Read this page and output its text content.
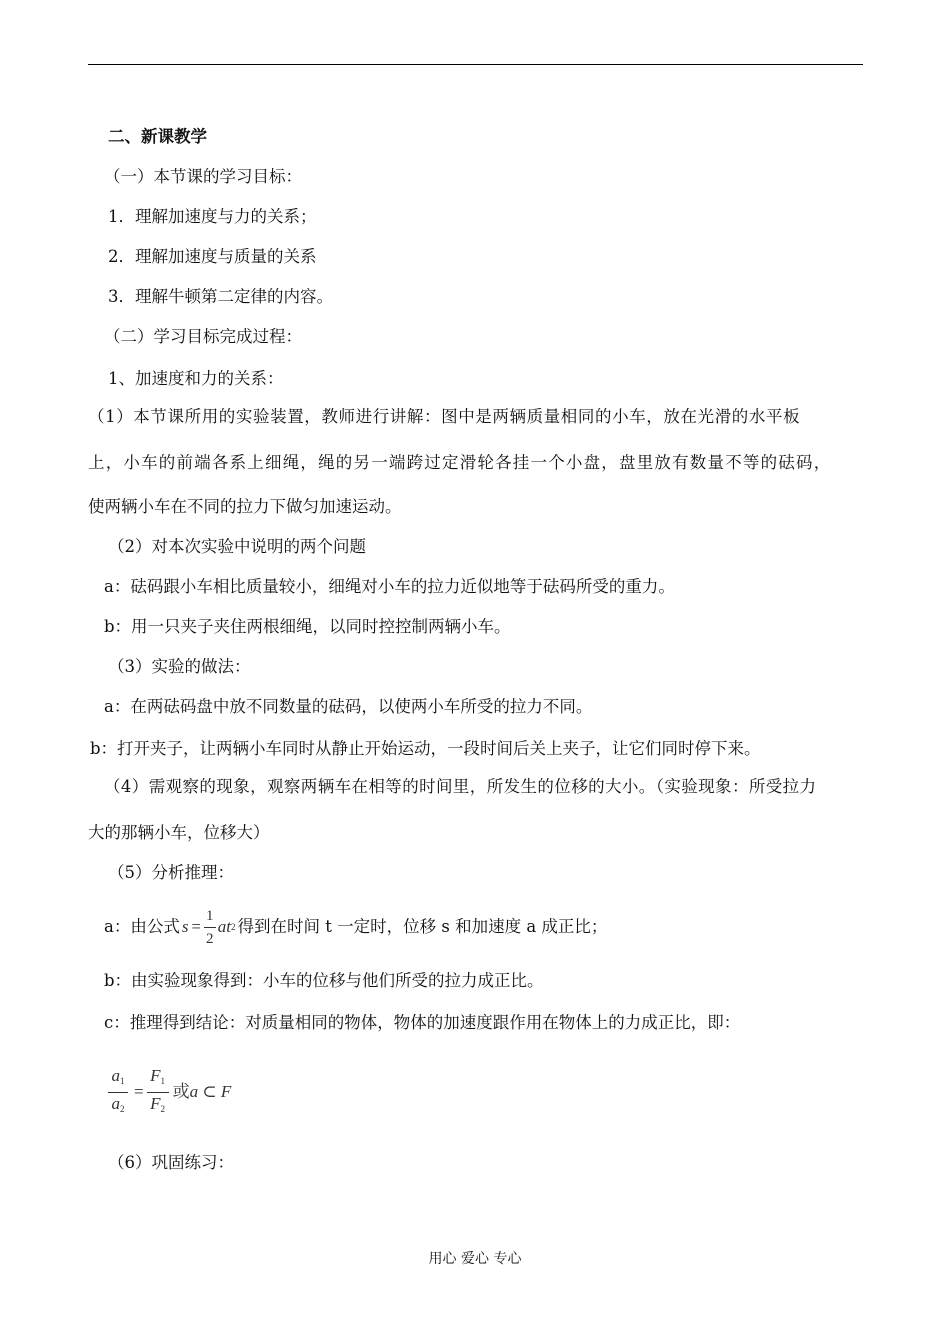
二、新课教学
（一）本节课的学习目标：
1．理解加速度与力的关系；
2．理解加速度与质量的关系
3．理解牛顿第二定律的内容。
（二）学习目标完成过程：
1、加速度和力的关系：
（1）本节课所用的实验装置，教师进行讲解：图中是两辆质量相同的小车，放在光滑的水平板
上，小车的前端各系上细绳，绳的另一端跨过定滑轮各挂一个小盘，盘里放有数量不等的砝码，
使两辆小车在不同的拉力下做匀加速运动。
（2）对本次实验中说明的两个问题
a：砝码跟小车相比质量较小，细绳对小车的拉力近似地等于砝码所受的重力。
b：用一只夹子夹住两根细绳，以同时控控制两辆小车。
（3）实验的做法：
a：在两砝码盘中放不同数量的砝码，以使两小车所受的拉力不同。
b：打开夹子，让两辆小车同时从静止开始运动，一段时间后关上夹子，让它们同时停下来。
（4）需观察的现象，观察两辆车在相等的时间里，所发生的位移的大小。（实验现象：所受拉力
大的那辆小车，位移大）
（5）分析推理：
a：由公式 $s = \frac{1}{2}$ at 2 得到在时间 t 一定时，位移 s 和加速度 a 成正比；
b：由实验现象得到：小车的位移与他们所受的拉力成正比。
c：推理得到结论：对质量相同的物体，物体的加速度跟作用在物体上的力成正比，即：
$\frac{a_1}{a_2} = \frac{F_1}{F_2}$ 或 a ⊂ F
（6）巩固练习：
用心 爱心 专心
